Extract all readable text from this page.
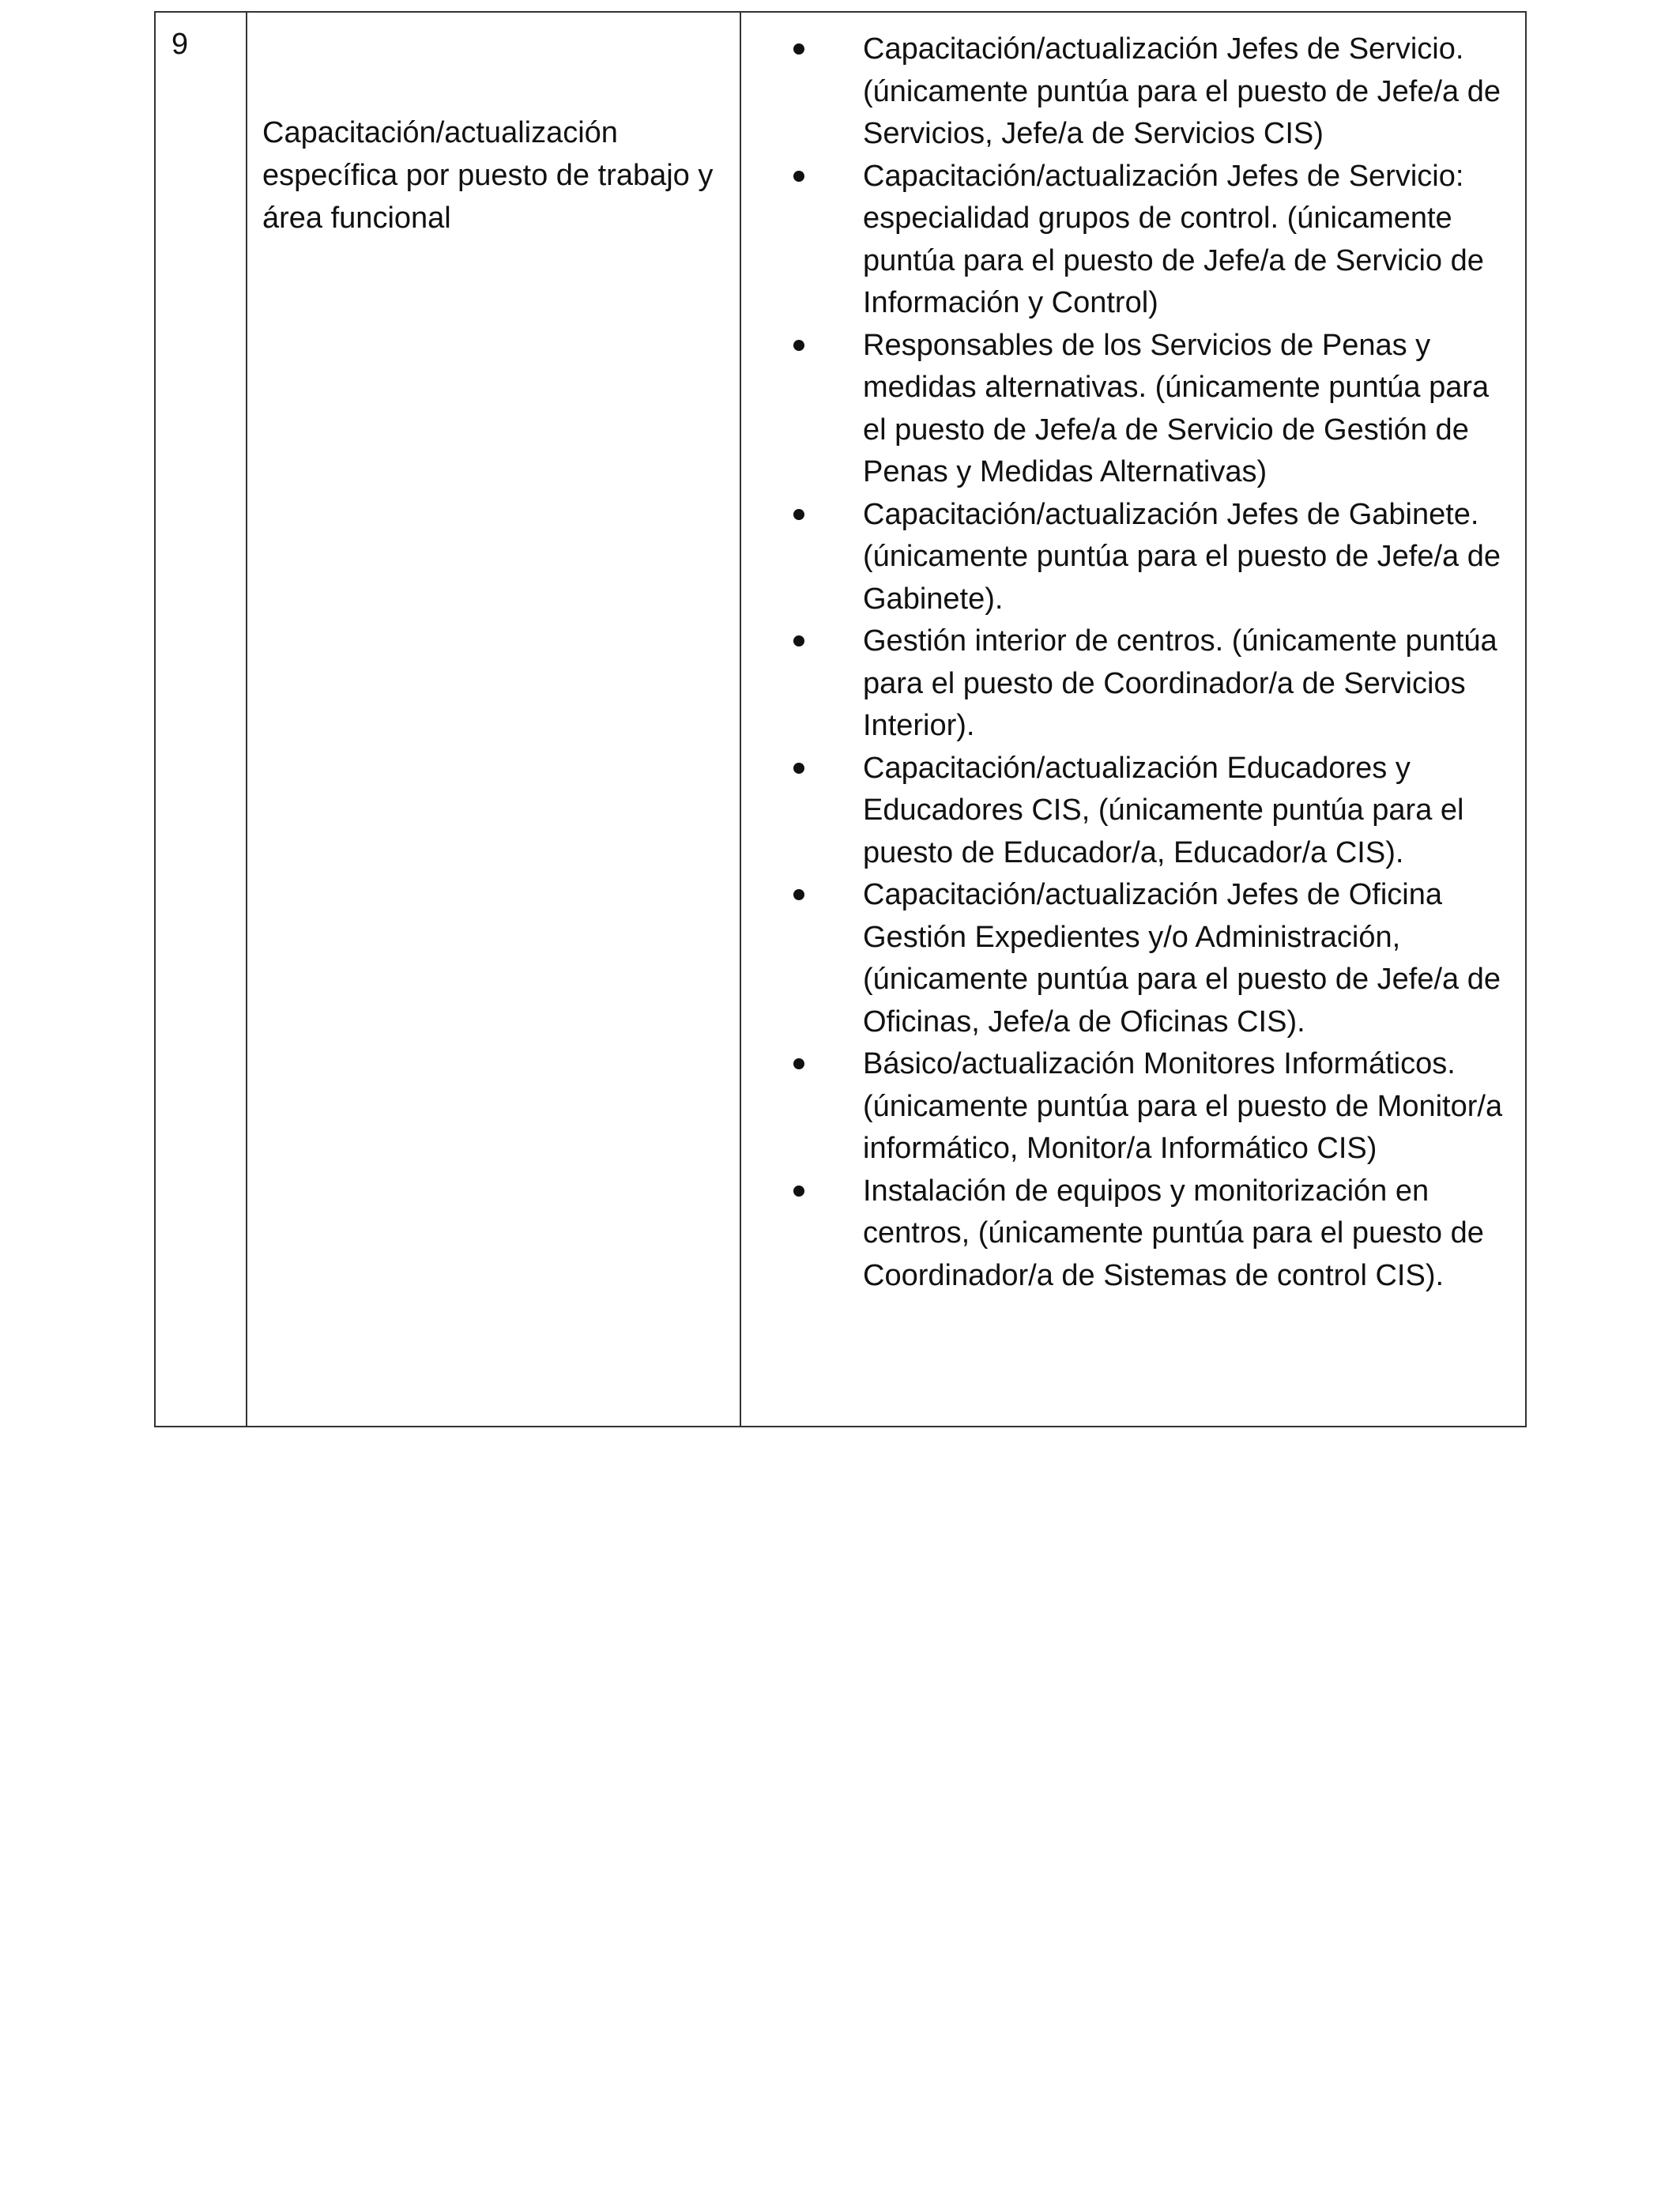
9
Capacitación/actualización específica por puesto de trabajo y área funcional
Capacitación/actualización Jefes de Servicio. (únicamente puntúa para el puesto de Jefe/a de Servicios, Jefe/a de Servicios CIS)
Capacitación/actualización Jefes de Servicio: especialidad grupos de control. (únicamente puntúa para el puesto de Jefe/a de Servicio de Información y Control)
Responsables de los Servicios de Penas y medidas alternativas. (únicamente puntúa para el puesto de Jefe/a de Servicio de Gestión de Penas y Medidas Alternativas)
Capacitación/actualización Jefes de Gabinete. (únicamente puntúa para el puesto de Jefe/a de Gabinete).
Gestión interior de centros. (únicamente puntúa para el puesto de Coordinador/a de Servicios Interior).
Capacitación/actualización Educadores y Educadores CIS, (únicamente puntúa para el puesto de Educador/a, Educador/a CIS).
Capacitación/actualización Jefes de Oficina Gestión Expedientes y/o Administración, (únicamente puntúa para el puesto de Jefe/a de Oficinas, Jefe/a de Oficinas CIS).
Básico/actualización Monitores Informáticos. (únicamente puntúa para el puesto de Monitor/a informático, Monitor/a Informático CIS)
Instalación de equipos y monitorización en centros, (únicamente puntúa para el puesto de Coordinador/a de Sistemas de control CIS).
